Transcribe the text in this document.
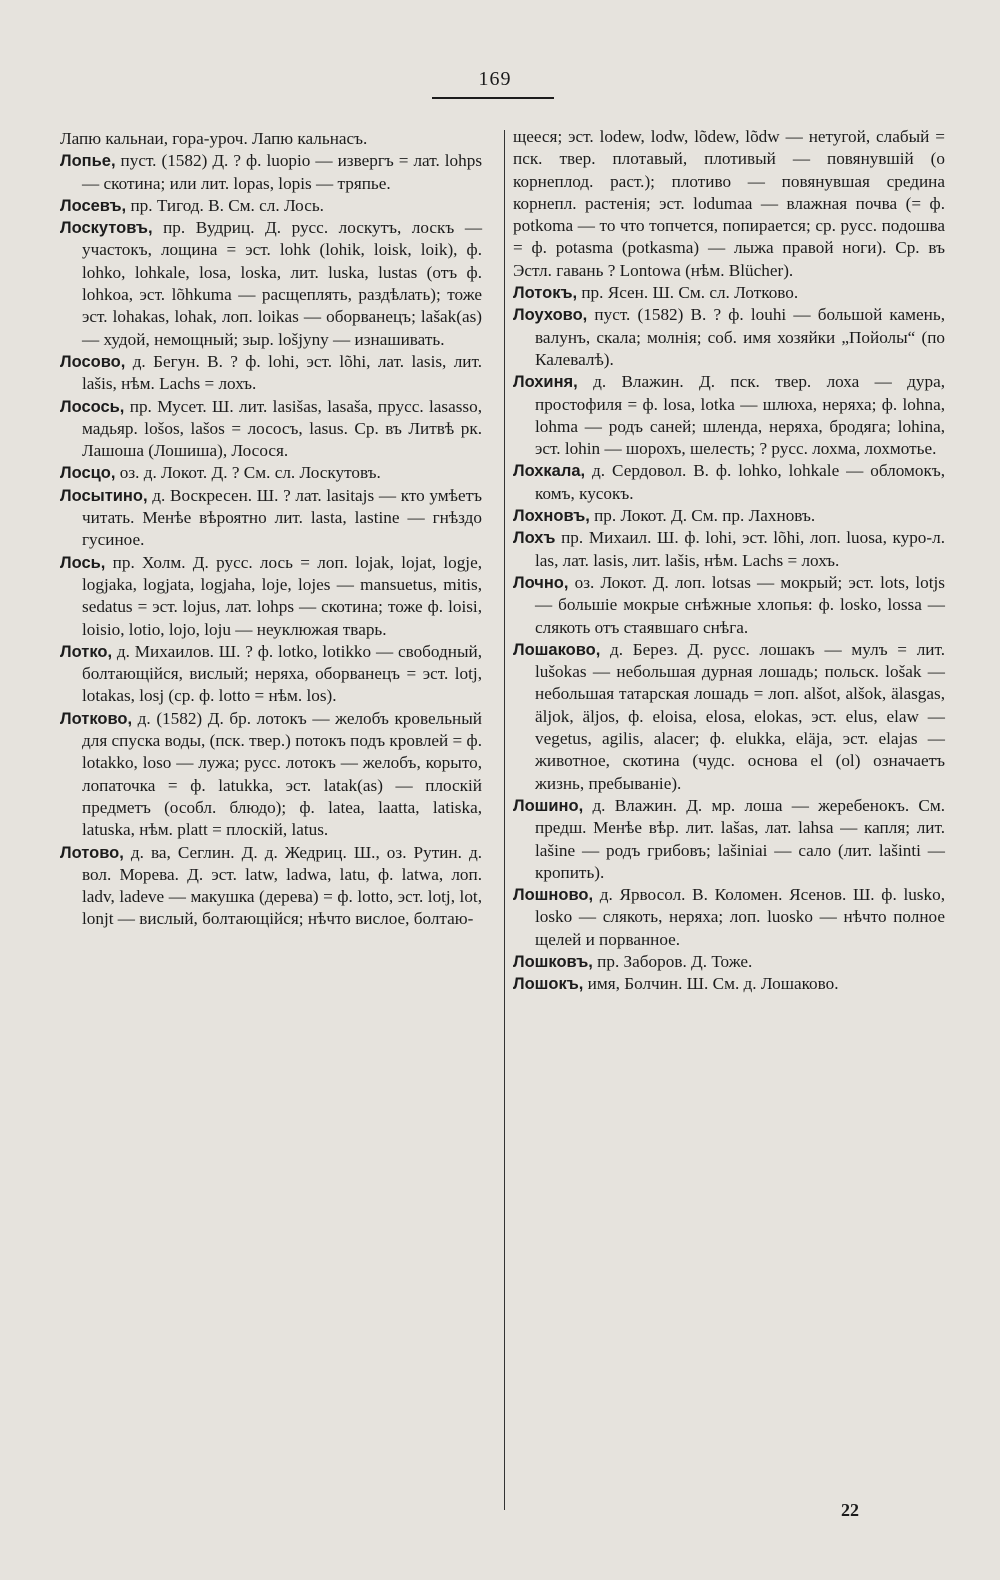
169
Лапю кальнаи, гора-уроч. Лапю кальнасъ.
Лопье, пуст. (1582) Д. ? ф. luopio — извергъ = лат. lohps — скотина; или лит. lopas, lopis — тряпье.
Лосевъ, пр. Тигод. В. См. сл. Лось.
Лоскутовъ, пр. Вудриц. Д. русс. лоскутъ, лоскъ — участокъ, лощина = эст. lohk (lohik, loisk, loik), ф. lohko, lohkale, losa, loska, лит. luska, lustas (отъ ф. lohkoa, эст. lõhkuma — расщеплять, раздѣлать); тоже эст. lohakas, lohak, лоп. loikas — оборванецъ; lašak(as) — худой, немощный; зыр. lošjyny — изнашивать.
Лосово, д. Бегун. В. ? ф. lohi, эст. lõhi, лат. lasis, лит. lašis, нѣм. Lachs = лохъ.
Лосось, пр. Мусет. Ш. лит. lasišas, lasaša, прусс. lasasso, мадьяр. lošos, lašos = лососъ, lasus. Ср. въ Литвѣ рк. Лашоша (Лошиша), Лосося.
Лосцо, оз. д. Локот. Д. ? См. сл. Лоскутовъ.
Лосытино, д. Воскресен. Ш. ? лат. lasitajs — кто умѣетъ читать. Менѣе вѣроятно лит. lasta, lastine — гнѣздо гусиное.
Лось, пр. Холм. Д. русс. лось = лоп. lojak, lojat, logje, logjaka, logjata, logjaha, loje, lojes — mansuetus, mitis, sedatus = эст. lojus, лат. lohps — скотина; тоже ф. loisi, loisio, lotio, lojo, loju — неуклюжая тварь.
Лотко, д. Михаилов. Ш. ? ф. lotko, lotikko — свободный, болтающійся, вислый; неряха, оборванецъ = эст. lotj, lotakas, losj (ср. ф. lotto = нѣм. los).
Лотково, д. (1582) Д. бр. лотокъ — желобъ кровельный для спуска воды, (пск. твер.) потокъ подъ кровлей = ф. lotakko, loso — лужа; русс. лотокъ — желобъ, корыто, лопаточка = ф. latukka, эст. latak(as) — плоскій предметъ (особл. блюдо); ф. latea, laatta, latiska, latuska, нѣм. platt = плоскій, latus.
Лотово, д. ва, Сеглин. Д. д. Жедриц. Ш., оз. Рутин. д. вол. Морева. Д. эст. latw, ladwa, latu, ф. latwa, лоп. ladv, ladeve — макушка (дерева) = ф. lotto, эст. lotj, lot, lonjt — вислый, болтающійся; нѣчто вислое, болтаю-
щееся; эст. lodew, lodw, lõdew, lõdw — нетугой, слабый = пск. твер. плотавый, плотивый — повянувшій (о корнеплод. раст.); плотиво — повянувшая средина корнепл. растенія; эст. lodumaa — влажная почва (= ф. potkoma — то что топчется, попирается; ср. русс. подошва = ф. potasma (potkasma) — лыжа правой ноги). Ср. въ Эстл. гавань ? Lontowa (нѣм. Blücher).
Лотокъ, пр. Ясен. Ш. См. сл. Лотково.
Лоухово, пуст. (1582) В. ? ф. louhi — большой камень, валунъ, скала; молнія; соб. имя хозяйки „Пойолы“ (по Калевалѣ).
Лохиня, д. Влажин. Д. пск. твер. лоха — дура, простофиля = ф. losa, lotka — шлюха, неряха; ф. lohna, lohma — родъ саней; шленда, неряха, бродяга; lohina, эст. lohin — шорохъ, шелесть; ? русс. лохма, лохмотье.
Лохкала, д. Сердовол. В. ф. lohko, lohkale — обломокъ, комъ, кусокъ.
Лохновъ, пр. Локот. Д. См. пр. Лахновъ.
Лохъ пр. Михаил. Ш. ф. lohi, эст. lõhi, лоп. luosa, куро-л. las, лат. lasis, лит. lašis, нѣм. Lachs = лохъ.
Лочно, оз. Локот. Д. лоп. lotsas — мокрый; эст. lots, lotjs — большіе мокрые снѣжные хлопья: ф. losko, lossa — слякоть отъ стаявшаго снѣга.
Лошаково, д. Берез. Д. русс. лошакъ — мулъ = лит. lušokas — небольшая дурная лошадь; польск. lošak — небольшая татарская лошадь = лоп. alšot, alšok, älasgas, äljok, äljos, ф. eloisa, elosa, elokas, эст. elus, elaw — vegetus, agilis, alacer; ф. elukka, eläja, эст. elajas — животное, скотина (чудс. основа el (ol) означаетъ жизнь, пребываніе).
Лошино, д. Влажин. Д. мр. лоша — жеребенокъ. См. предш. Менѣе вѣр. лит. lašas, лат. lahsa — капля; лит. lašine — родъ грибовъ; lašiniai — сало (лит. lašinti — кропить).
Лошново, д. Ярвосол. В. Коломен. Ясенов. Ш. ф. lusko, losko — слякоть, неряха; лоп. luosko — нѣчто полное щелей и порванное.
Лошковъ, пр. Заборов. Д. Тоже.
Лошокъ, имя, Болчин. Ш. См. д. Лошаково.
22
